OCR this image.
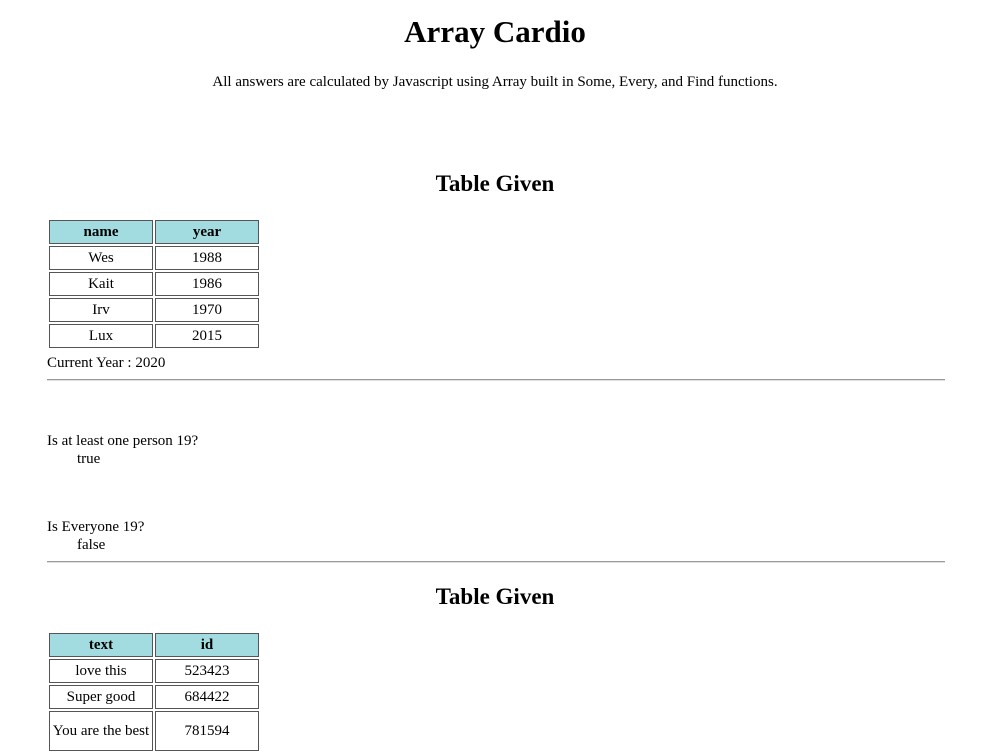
Array Cardio

All answers are calculated by Javascript using Array built in Some, Every, and Find functions.

Table Given
name	year
Wes	1988
Kait	1986
Irv	1970
Lux	2015
Current Year : 2020
Is at least one person 19?
true
Is Everyone 19?
false
Table Given
text	id
love this	523423
Super good	684422
You are the best	781594
